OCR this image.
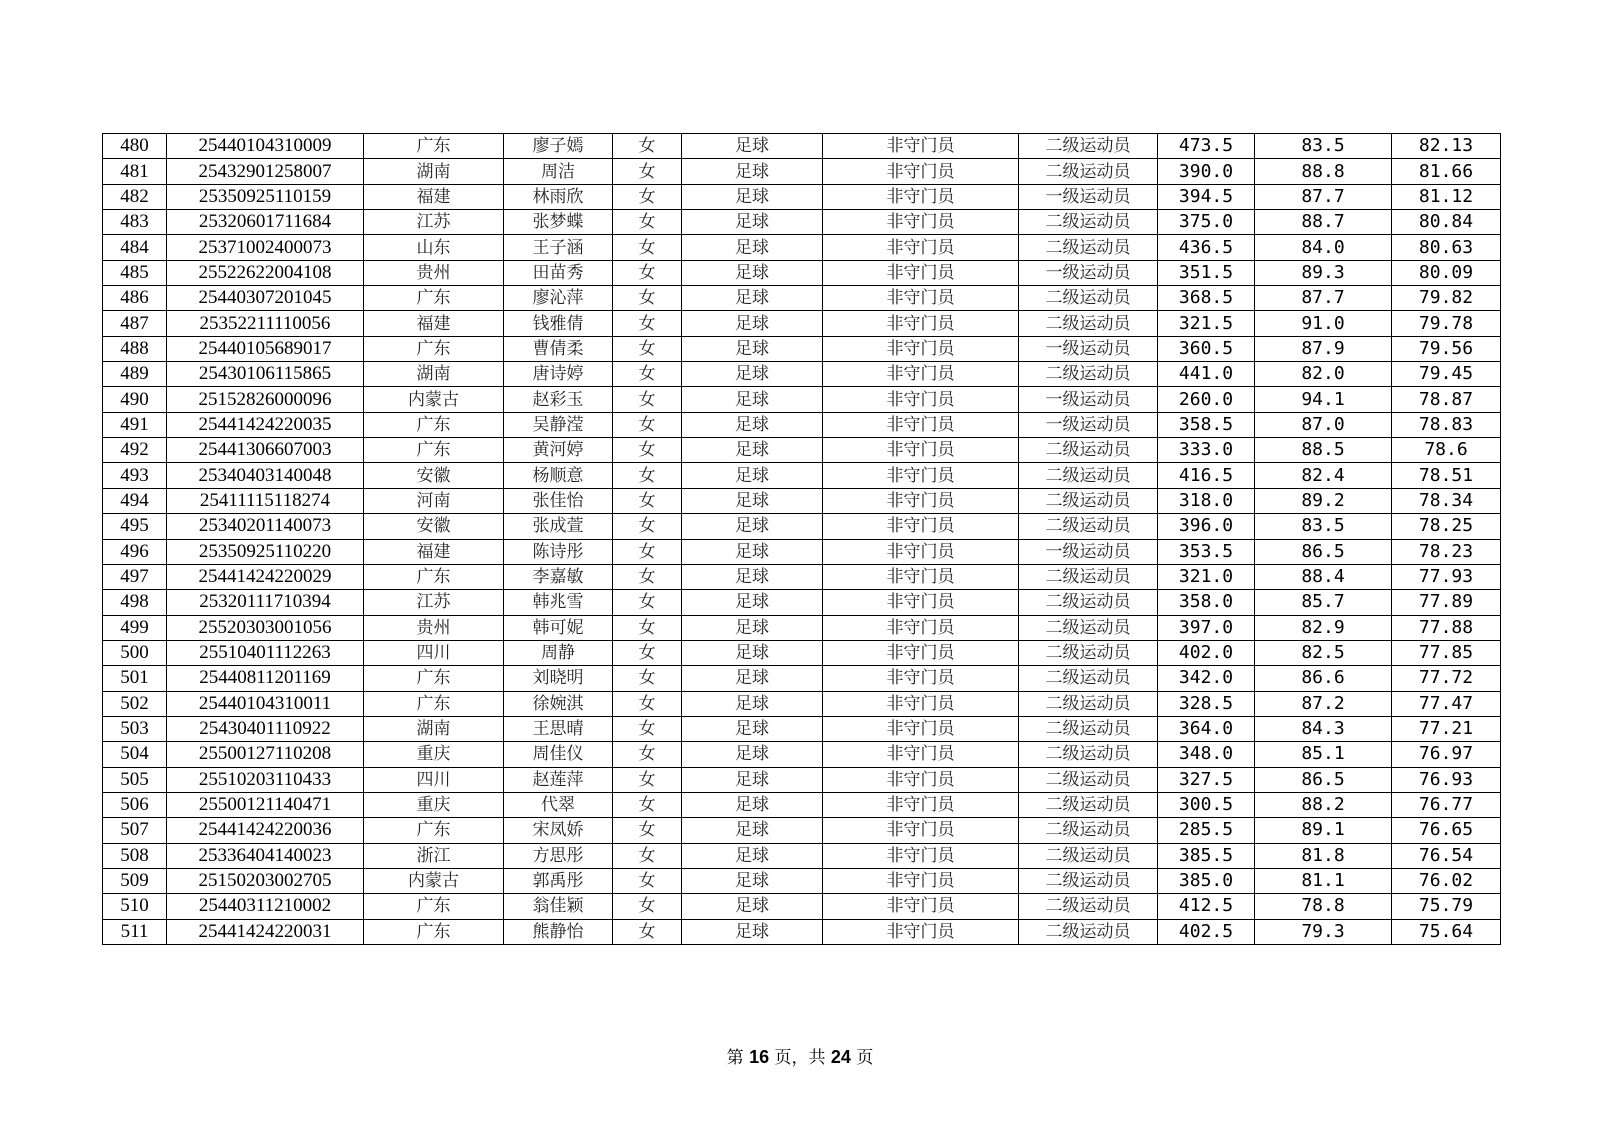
480	25440104310009	广东	廖子嫣	女	足球	非守门员	二级运动员	473.5	83.5	82.13
481	25432901258007	湖南	周洁	女	足球	非守门员	二级运动员	390.0	88.8	81.66
482	25350925110159	福建	林雨欣	女	足球	非守门员	一级运动员	394.5	87.7	81.12
483	25320601711684	江苏	张梦蝶	女	足球	非守门员	二级运动员	375.0	88.7	80.84
484	25371002400073	山东	王子涵	女	足球	非守门员	二级运动员	436.5	84.0	80.63
485	25522622004108	贵州	田苗秀	女	足球	非守门员	一级运动员	351.5	89.3	80.09
486	25440307201045	广东	廖沁萍	女	足球	非守门员	二级运动员	368.5	87.7	79.82
487	25352211110056	福建	钱雅倩	女	足球	非守门员	二级运动员	321.5	91.0	79.78
488	25440105689017	广东	曹倩柔	女	足球	非守门员	一级运动员	360.5	87.9	79.56
489	25430106115865	湖南	唐诗婷	女	足球	非守门员	二级运动员	441.0	82.0	79.45
490	25152826000096	内蒙古	赵彩玉	女	足球	非守门员	一级运动员	260.0	94.1	78.87
491	25441424220035	广东	吴静滢	女	足球	非守门员	一级运动员	358.5	87.0	78.83
492	25441306607003	广东	黄河婷	女	足球	非守门员	二级运动员	333.0	88.5	78.6
493	25340403140048	安徽	杨顺意	女	足球	非守门员	二级运动员	416.5	82.4	78.51
494	25411115118274	河南	张佳怡	女	足球	非守门员	二级运动员	318.0	89.2	78.34
495	25340201140073	安徽	张成萱	女	足球	非守门员	二级运动员	396.0	83.5	78.25
496	25350925110220	福建	陈诗彤	女	足球	非守门员	一级运动员	353.5	86.5	78.23
497	25441424220029	广东	李嘉敏	女	足球	非守门员	二级运动员	321.0	88.4	77.93
498	25320111710394	江苏	韩兆雪	女	足球	非守门员	二级运动员	358.0	85.7	77.89
499	25520303001056	贵州	韩可妮	女	足球	非守门员	二级运动员	397.0	82.9	77.88
500	25510401112263	四川	周静	女	足球	非守门员	二级运动员	402.0	82.5	77.85
501	25440811201169	广东	刘晓明	女	足球	非守门员	二级运动员	342.0	86.6	77.72
502	25440104310011	广东	徐婉淇	女	足球	非守门员	二级运动员	328.5	87.2	77.47
503	25430401110922	湖南	王思晴	女	足球	非守门员	二级运动员	364.0	84.3	77.21
504	25500127110208	重庆	周佳仪	女	足球	非守门员	二级运动员	348.0	85.1	76.97
505	25510203110433	四川	赵莲萍	女	足球	非守门员	二级运动员	327.5	86.5	76.93
506	25500121140471	重庆	代翠	女	足球	非守门员	二级运动员	300.5	88.2	76.77
507	25441424220036	广东	宋凤娇	女	足球	非守门员	二级运动员	285.5	89.1	76.65
508	25336404140023	浙江	方思彤	女	足球	非守门员	二级运动员	385.5	81.8	76.54
509	25150203002705	内蒙古	郭禹彤	女	足球	非守门员	二级运动员	385.0	81.1	76.02
510	25440311210002	广东	翁佳颖	女	足球	非守门员	二级运动员	412.5	78.8	75.79
511	25441424220031	广东	熊静怡	女	足球	非守门员	二级运动员	402.5	79.3	75.64
第 16 页，共 24 页
